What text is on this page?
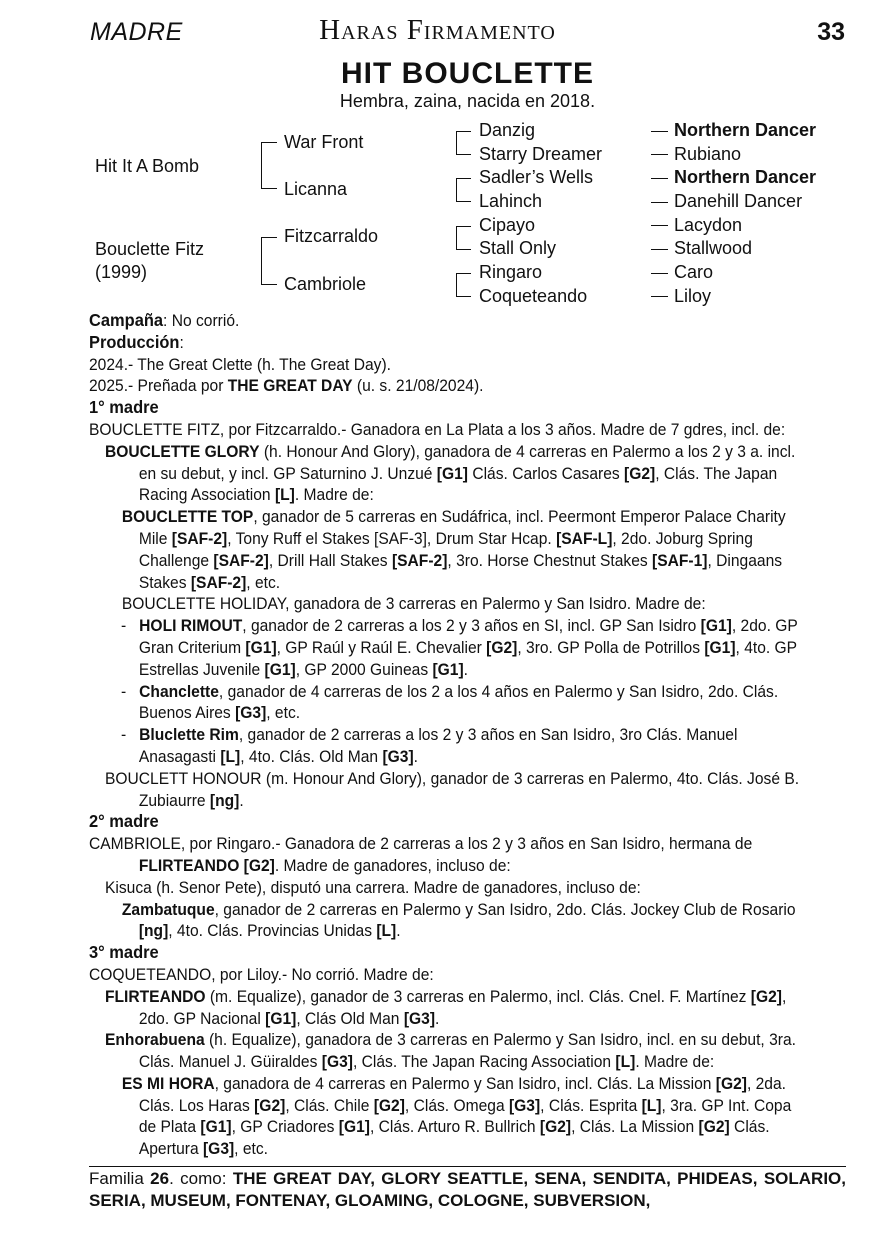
MADRE	Haras Firmamento	33
HIT BOUCLETTE
Hembra, zaina, nacida en 2018.
Hit It A Bomb
Bouclette Fitz
(1999)
War Front
Licanna
Fitzcarraldo
Cambriole
Danzig
Starry Dreamer
Sadler’s Wells
Lahinch
Cipayo
Stall Only
Ringaro
Coqueteando
Northern Dancer
Rubiano
Northern Dancer
Danehill Dancer
Lacydon
Stallwood
Caro
Liloy

Campaña: No corrió.

Producción:

2024.- The Great Clette (h. The Great Day).

2025.- Preñada por THE GREAT DAY (u. s. 21/08/2024).

1° madre

BOUCLETTE FITZ, por Fitzcarraldo.- Ganadora en La Plata a los 3 años. Madre de 7 gdres, incl. de:

BOUCLETTE GLORY (h. Honour And Glory), ganadora de 4 carreras en Palermo a los 2 y 3 a. incl. en su debut, y incl. GP Saturnino J. Unzué [G1] Clás. Carlos Casares [G2], Clás. The Japan Racing Association [L]. Madre de:

BOUCLETTE TOP, ganador de 5 carreras en Sudáfrica, incl. Peermont Emperor Palace Charity Mile [SAF-2], Tony Ruff el Stakes [SAF-3], Drum Star Hcap. [SAF-L], 2do. Joburg Spring Challenge [SAF-2], Drill Hall Stakes [SAF-2], 3ro. Horse Chestnut Stakes [SAF-1], Dingaans Stakes [SAF-2], etc.

BOUCLETTE HOLIDAY, ganadora de 3 carreras en Palermo y San Isidro. Madre de:

- HOLI RIMOUT, ganador de 2 carreras a los 2 y 3 años en SI, incl. GP San Isidro [G1], 2do. GP Gran Criterium [G1], GP Raúl y Raúl E. Chevalier [G2], 3ro. GP Polla de Potrillos [G1], 4to. GP Estrellas Juvenile [G1], GP 2000 Guineas [G1].

- Chanclette, ganador de 4 carreras de los 2 a los 4 años en Palermo y San Isidro, 2do. Clás. Buenos Aires [G3], etc.

- Bluclette Rim, ganador de 2 carreras a los 2 y 3 años en San Isidro, 3ro Clás. Manuel Anasagasti [L], 4to. Clás. Old Man [G3].

BOUCLETT HONOUR (m. Honour And Glory), ganador de 3 carreras en Palermo, 4to. Clás. José B. Zubiaurre [ng].

2° madre

CAMBRIOLE, por Ringaro.- Ganadora de 2 carreras a los 2 y 3 años en San Isidro, hermana de FLIRTEANDO [G2]. Madre de ganadores, incluso de:

Kisuca (h. Senor Pete), disputó una carrera. Madre de ganadores, incluso de:

Zambatuque, ganador de 2 carreras en Palermo y San Isidro, 2do. Clás. Jockey Club de Rosario [ng], 4to. Clás. Provincias Unidas [L].

3° madre

COQUETEANDO, por Liloy.- No corrió. Madre de:

FLIRTEANDO (m. Equalize), ganador de 3 carreras en Palermo, incl. Clás. Cnel. F. Martínez [G2], 2do. GP Nacional [G1], Clás Old Man [G3].

Enhorabuena (h. Equalize), ganadora de 3 carreras en Palermo y San Isidro, incl. en su debut, 3ra. Clás. Manuel J. Güiraldes [G3], Clás. The Japan Racing Association [L]. Madre de:

ES MI HORA, ganadora de 4 carreras en Palermo y San Isidro, incl. Clás. La Mission [G2], 2da. Clás. Los Haras [G2], Clás. Chile [G2], Clás. Omega [G3], Clás. Esprita [L], 3ra. GP Int. Copa de Plata [G1], GP Criadores [G1], Clás. Arturo R. Bullrich [G2], Clás. La Mission [G2] Clás. Apertura [G3], etc.

Familia 26. como: THE GREAT DAY, GLORY SEATTLE, SENA, SENDITA, PHIDEAS, SOLARIO, SERIA, MUSEUM, FONTENAY, GLOAMING, COLOGNE, SUBVERSION,
